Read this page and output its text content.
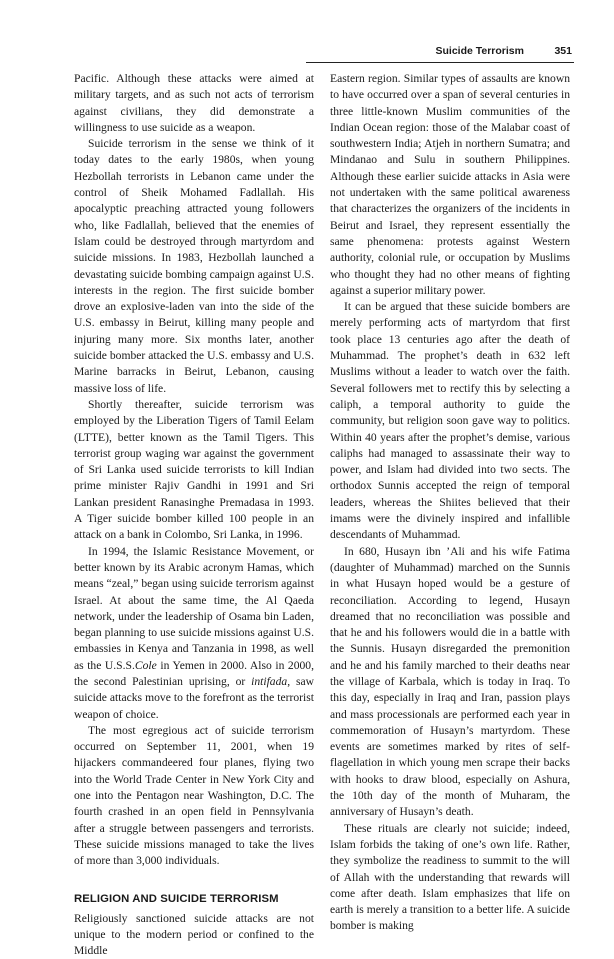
Suicide Terrorism	351

Pacific. Although these attacks were aimed at military targets, and as such not acts of terrorism against civilians, they did demonstrate a willingness to use suicide as a weapon.

Suicide terrorism in the sense we think of it today dates to the early 1980s, when young Hezbollah terrorists in Lebanon came under the control of Sheik Mohamed Fadlallah. His apocalyptic preaching attracted young followers who, like Fadlallah, believed that the enemies of Islam could be destroyed through martyrdom and suicide missions. In 1983, Hezbollah launched a devastating suicide bombing campaign against U.S. interests in the region. The first suicide bomber drove an explosive-laden van into the side of the U.S. embassy in Beirut, killing many people and injuring many more. Six months later, another suicide bomber attacked the U.S. embassy and U.S. Marine barracks in Beirut, Lebanon, causing massive loss of life.

Shortly thereafter, suicide terrorism was employed by the Liberation Tigers of Tamil Eelam (LTTE), better known as the Tamil Tigers. This terrorist group waging war against the government of Sri Lanka used suicide terrorists to kill Indian prime minister Rajiv Gandhi in 1991 and Sri Lankan president Ranasinghe Premadasa in 1993. A Tiger suicide bomber killed 100 people in an attack on a bank in Colombo, Sri Lanka, in 1996.

In 1994, the Islamic Resistance Movement, or better known by its Arabic acronym Hamas, which means “zeal,” began using suicide terrorism against Israel. At about the same time, the Al Qaeda network, under the leadership of Osama bin Laden, began planning to use suicide missions against U.S. embassies in Kenya and Tanzania in 1998, as well as the U.S.S.Cole in Yemen in 2000. Also in 2000, the second Palestinian uprising, or intifada, saw suicide attacks move to the forefront as the terrorist weapon of choice.

The most egregious act of suicide terrorism occurred on September 11, 2001, when 19 hijackers commandeered four planes, flying two into the World Trade Center in New York City and one into the Pentagon near Washington, D.C. The fourth crashed in an open field in Pennsylvania after a struggle between passengers and terrorists. These suicide missions managed to take the lives of more than 3,000 individuals.

RELIGION AND SUICIDE TERRORISM

Religiously sanctioned suicide attacks are not unique to the modern period or confined to the Middle

Eastern region. Similar types of assaults are known to have occurred over a span of several centuries in three little-known Muslim communities of the Indian Ocean region: those of the Malabar coast of southwestern India; Atjeh in northern Sumatra; and Mindanao and Sulu in southern Philippines. Although these earlier suicide attacks in Asia were not undertaken with the same political awareness that characterizes the organizers of the incidents in Beirut and Israel, they represent essentially the same phenomena: protests against Western authority, colonial rule, or occupation by Muslims who thought they had no other means of fighting against a superior military power.

It can be argued that these suicide bombers are merely performing acts of martyrdom that first took place 13 centuries ago after the death of Muhammad. The prophet’s death in 632 left Muslims without a leader to watch over the faith. Several followers met to rectify this by selecting a caliph, a temporal authority to guide the community, but religion soon gave way to politics. Within 40 years after the prophet’s demise, various caliphs had managed to assassinate their way to power, and Islam had divided into two sects. The orthodox Sunnis accepted the reign of temporal leaders, whereas the Shiites believed that their imams were the divinely inspired and infallible descendants of Muhammad.

In 680, Husayn ibn ’Ali and his wife Fatima (daughter of Muhammad) marched on the Sunnis in what Husayn hoped would be a gesture of reconciliation. According to legend, Husayn dreamed that no reconciliation was possible and that he and his followers would die in a battle with the Sunnis. Husayn disregarded the premonition and he and his family marched to their deaths near the village of Karbala, which is today in Iraq. To this day, especially in Iraq and Iran, passion plays and mass processionals are performed each year in commemoration of Husayn’s martyrdom. These events are sometimes marked by rites of self-flagellation in which young men scrape their backs with hooks to draw blood, especially on Ashura, the 10th day of the month of Muharam, the anniversary of Husayn’s death.

These rituals are clearly not suicide; indeed, Islam forbids the taking of one’s own life. Rather, they symbolize the readiness to summit to the will of Allah with the understanding that rewards will come after death. Islam emphasizes that life on earth is merely a transition to a better life. A suicide bomber is making
